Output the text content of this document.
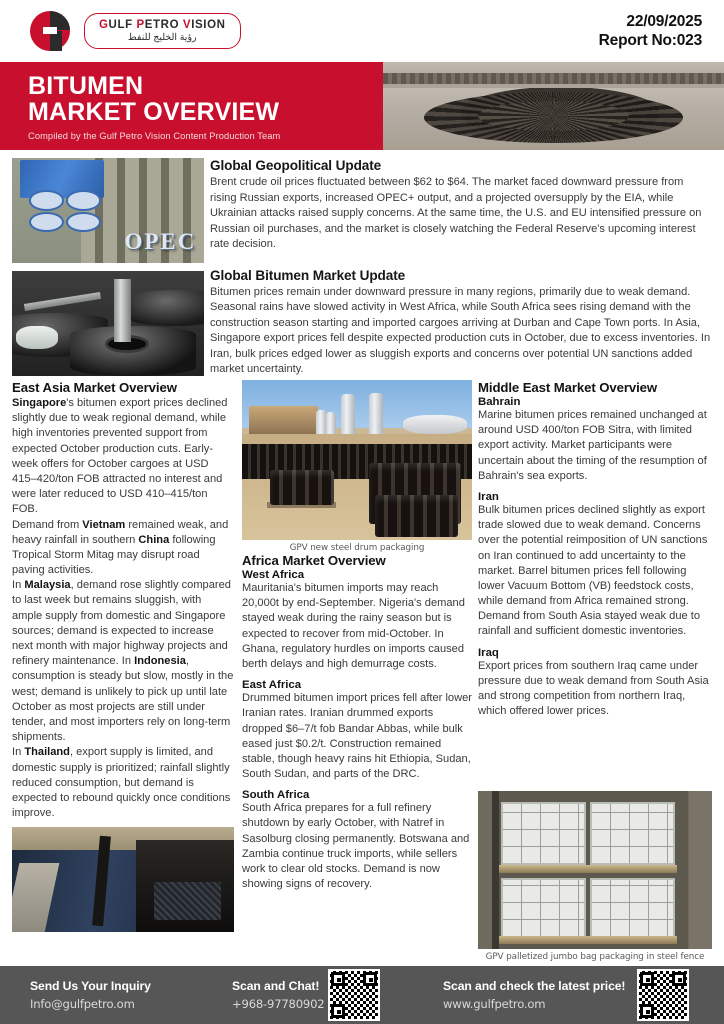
GULF PETRO VISION
رؤية الخليج للنفط
22/09/2025
Report No:023
BITUMEN
MARKET OVERVIEW
Compiled by the Gulf Petro Vision Content Production Team
OPEC
Global Geopolitical Update
Brent crude oil prices fluctuated between $62 to $64. The market faced downward pressure from rising Russian exports, increased OPEC+ output, and a projected oversupply by the EIA, while Ukrainian attacks raised supply concerns. At the same time, the U.S. and EU intensified pressure on Russian oil purchases, and the market is closely watching the Federal Reserve's upcoming interest rate decision.
Global Bitumen Market Update
Bitumen prices remain under downward pressure in many regions, primarily due to weak demand. Seasonal rains have slowed activity in West Africa, while South Africa sees rising demand with the construction season starting and imported cargoes arriving at Durban and Cape Town ports. In Asia, Singapore export prices fell despite expected production cuts in October, due to excess inventories. In Iran, bulk prices edged lower as sluggish exports and concerns over potential UN sanctions added market uncertainty.
East Asia Market Overview
Singapore's bitumen export prices declined slightly due to weak regional demand, while high inventories prevented support from expected October production cuts. Early-week offers for October cargoes at USD 415–420/ton FOB attracted no interest and were later reduced to USD 410–415/ton FOB.
Demand from Vietnam remained weak, and heavy rainfall in southern China following Tropical Storm Mitag may disrupt road paving activities.
In Malaysia, demand rose slightly compared to last week but remains sluggish, with ample supply from domestic and Singapore sources; demand is expected to increase next month with major highway projects and refinery maintenance. In Indonesia, consumption is steady but slow, mostly in the west; demand is unlikely to pick up until late October as most projects are still under tender, and most importers rely on long-term shipments.
In Thailand, export supply is limited, and domestic supply is prioritized; rainfall slightly reduced consumption, but demand is expected to rebound quickly once conditions improve.
GPV new steel drum packaging
Africa Market Overview
West Africa
Mauritania's bitumen imports may reach 20,000t by end-September. Nigeria's demand stayed weak during the rainy season but is expected to recover from mid-October. In Ghana, regulatory hurdles on imports caused berth delays and high demurrage costs.
East Africa
Drummed bitumen import prices fell after lower Iranian rates. Iranian drummed exports dropped $6–7/t fob Bandar Abbas, while bulk eased just $0.2/t. Construction remained stable, though heavy rains hit Ethiopia, Sudan, South Sudan, and parts of the DRC.
South Africa
South Africa prepares for a full refinery shutdown by early October, with Natref in Sasolburg closing permanently. Botswana and Zambia continue truck imports, while sellers work to clear old stocks. Demand is now showing signs of recovery.
Middle East Market Overview
Bahrain
Marine bitumen prices remained unchanged at around USD 400/ton FOB Sitra, with limited export activity. Market participants were uncertain about the timing of the resumption of Bahrain's sea exports.
Iran
Bulk bitumen prices declined slightly as export trade slowed due to weak demand. Concerns over the potential reimposition of UN sanctions on Iran continued to add uncertainty to the market. Barrel bitumen prices fell following lower Vacuum Bottom (VB) feedstock costs, while demand from Africa remained strong. Demand from South Asia stayed weak due to rainfall and sufficient domestic inventories.
Iraq
Export prices from southern Iraq came under pressure due to weak demand from South Asia and strong competition from northern Iraq, which offered lower prices.
GPV palletized jumbo bag packaging in steel fence
Send Us Your Inquiry
Info@gulfpetro.om
Scan and Chat!
+968-97780902
Scan and check the latest price!
www.gulfpetro.om
